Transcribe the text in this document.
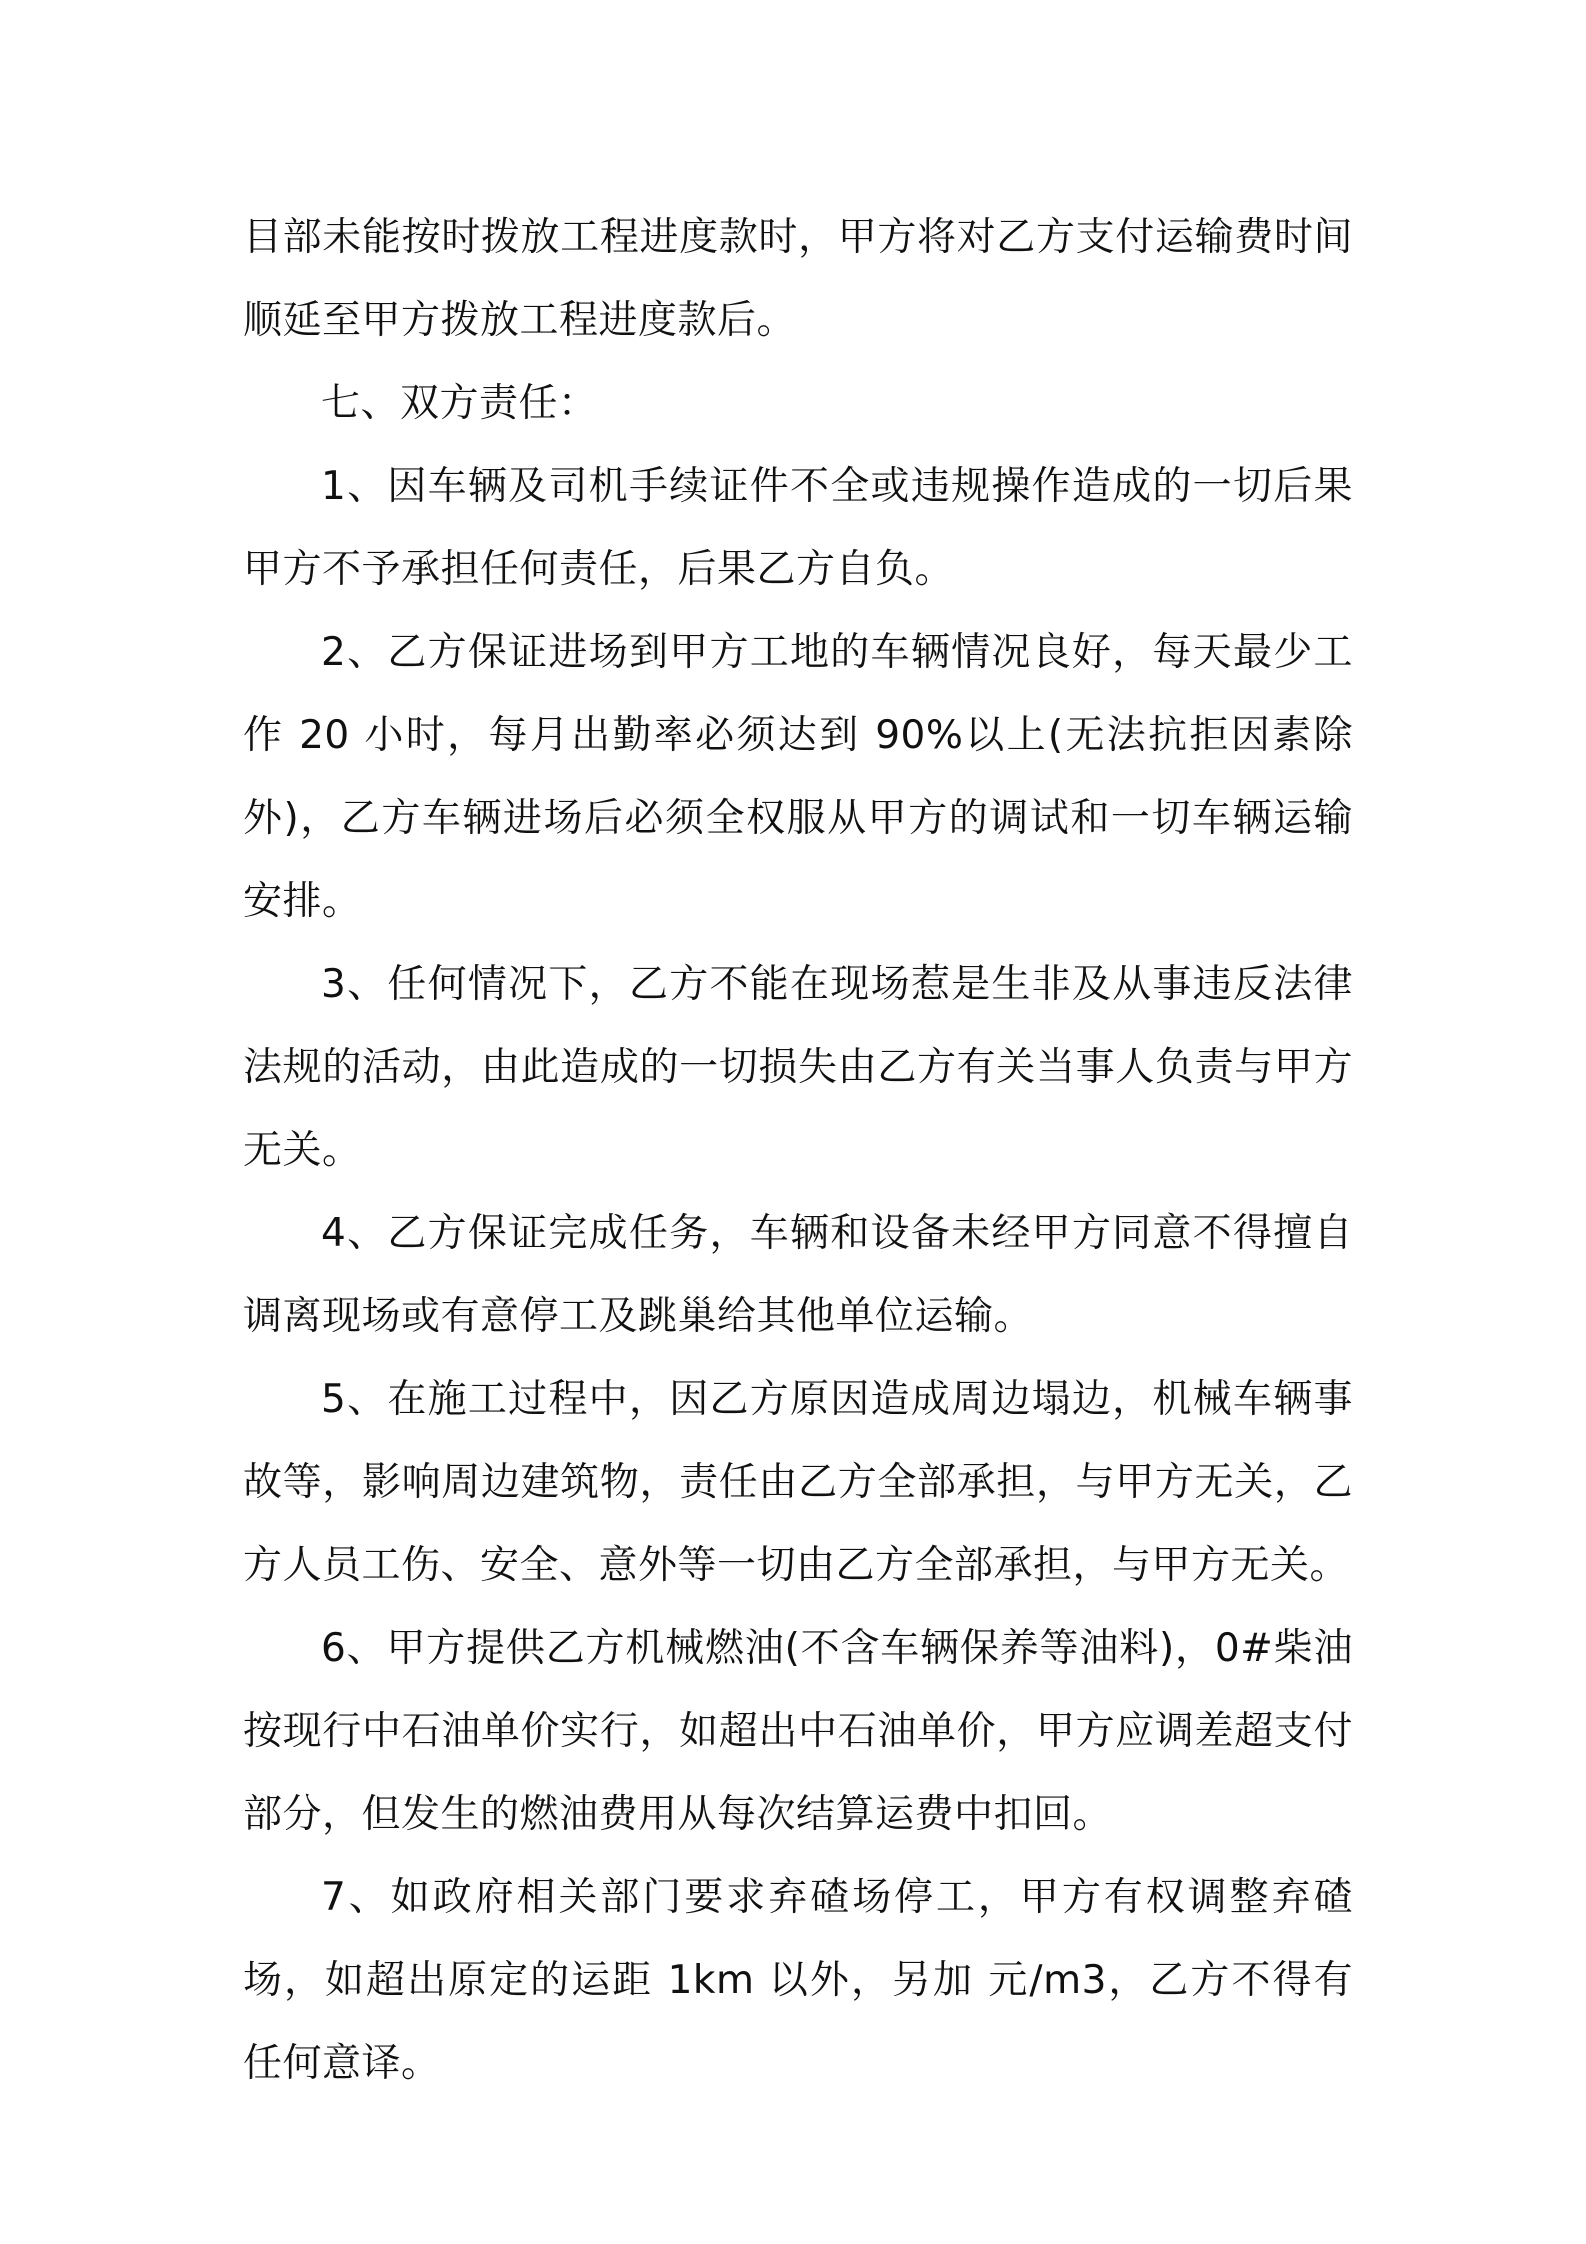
目部未能按时拨放工程进度款时，甲方将对乙方支付运输费时间顺延至甲方拨放工程进度款后。

七、双方责任：

1、因车辆及司机手续证件不全或违规操作造成的一切后果甲方不予承担任何责任，后果乙方自负。

2、乙方保证进场到甲方工地的车辆情况良好，每天最少工作 20 小时，每月出勤率必须达到 90%以上(无法抗拒因素除外)，乙方车辆进场后必须全权服从甲方的调试和一切车辆运输安排。

3、任何情况下，乙方不能在现场惹是生非及从事违反法律法规的活动，由此造成的一切损失由乙方有关当事人负责与甲方无关。

4、乙方保证完成任务，车辆和设备未经甲方同意不得擅自调离现场或有意停工及跳巢给其他单位运输。

5、在施工过程中，因乙方原因造成周边塌边，机械车辆事故等，影响周边建筑物，责任由乙方全部承担，与甲方无关，乙方人员工伤、安全、意外等一切由乙方全部承担，与甲方无关。

6、甲方提供乙方机械燃油(不含车辆保养等油料)，0#柴油按现行中石油单价实行，如超出中石油单价，甲方应调差超支付部分，但发生的燃油费用从每次结算运费中扣回。

7、如政府相关部门要求弃碴场停工，甲方有权调整弃碴场，如超出原定的运距 1km 以外，另加 元/m3，乙方不得有任何意译。
